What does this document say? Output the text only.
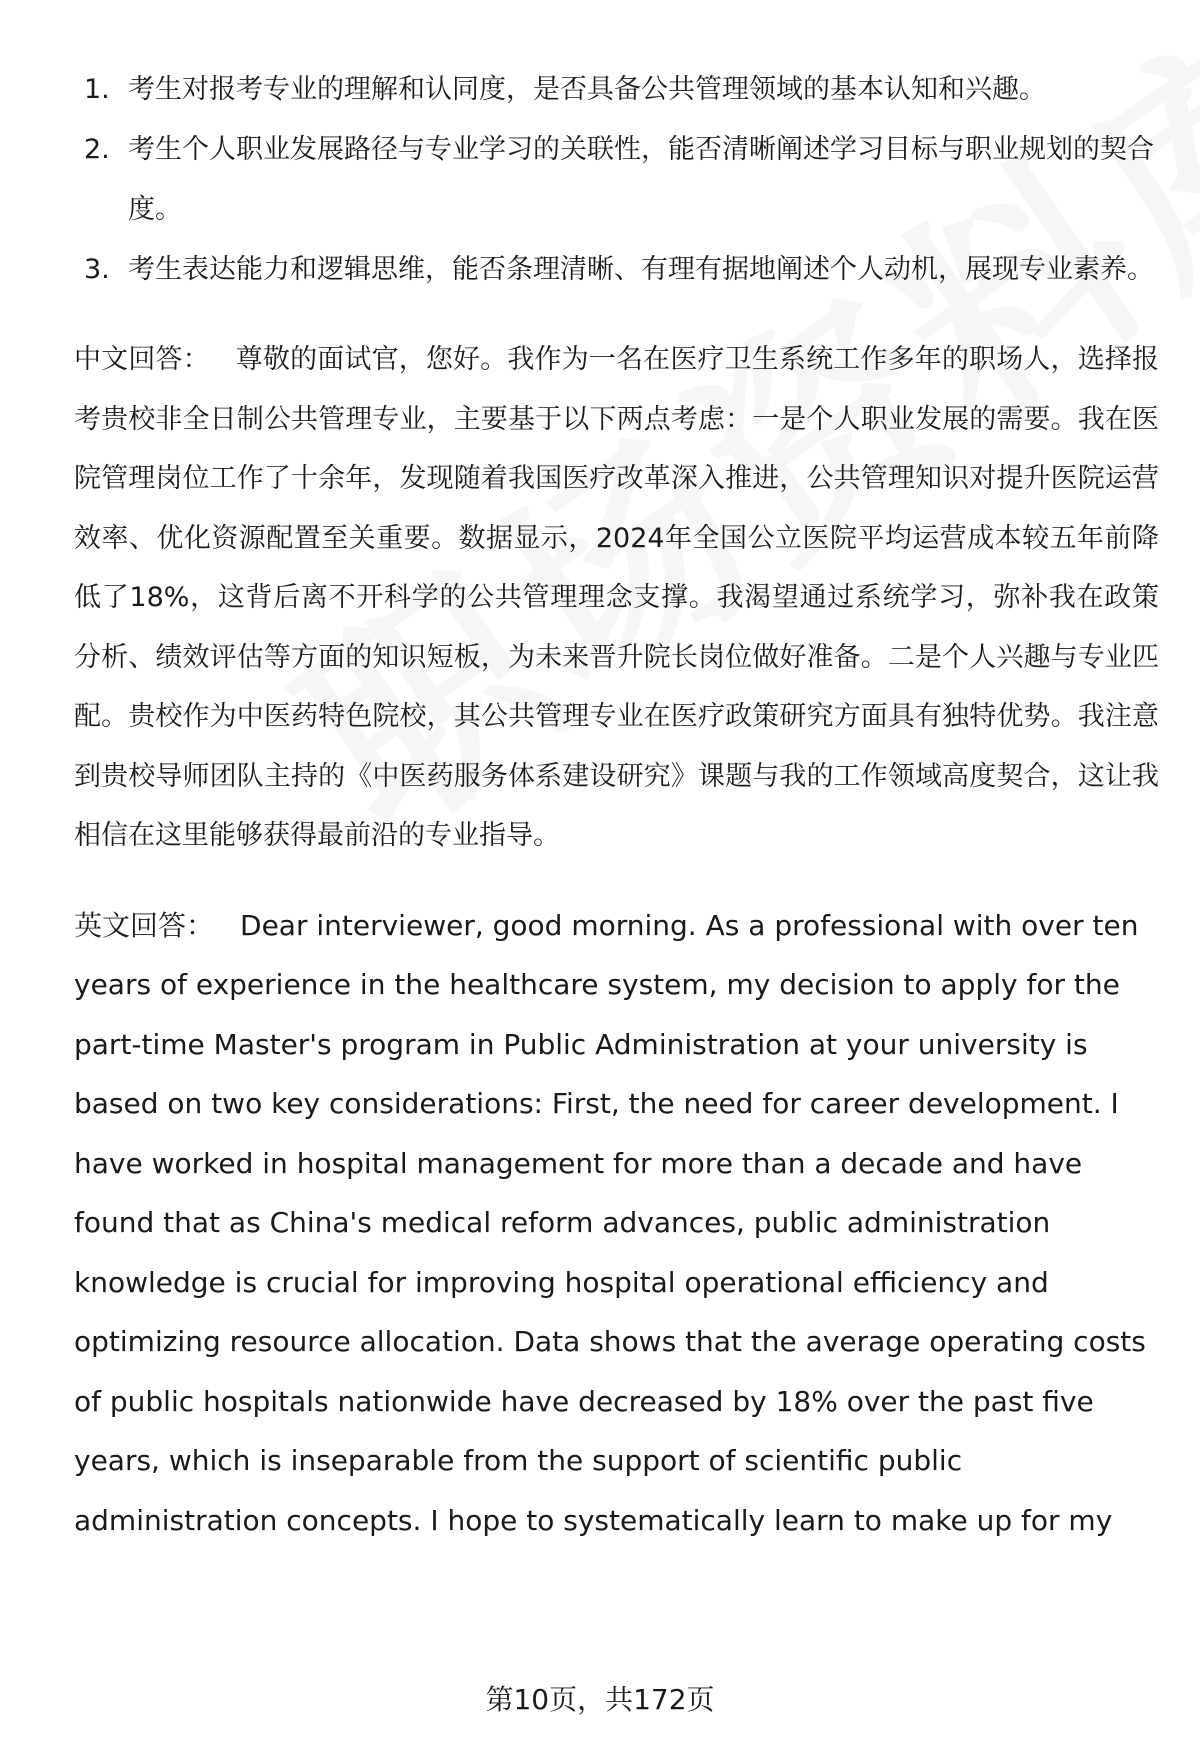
1. 考生对报考专业的理解和认同度，是否具备公共管理领域的基本认知和兴趣。
2. 考生个人职业发展路径与专业学习的关联性，能否清晰阐述学习目标与职业规划的契合度。
3. 考生表达能力和逻辑思维，能否条理清晰、有理有据地阐述个人动机，展现专业素养。

中文回答： 尊敬的面试官，您好。我作为一名在医疗卫生系统工作多年的职场人，选择报考贵校非全日制公共管理专业，主要基于以下两点考虑：一是个人职业发展的需要。我在医院管理岗位工作了十余年，发现随着我国医疗改革深入推进，公共管理知识对提升医院运营效率、优化资源配置至关重要。数据显示，2024年全国公立医院平均运营成本较五年前降低了18%，这背后离不开科学的公共管理理念支撑。我渴望通过系统学习，弥补我在政策分析、绩效评估等方面的知识短板，为未来晋升院长岗位做好准备。二是个人兴趣与专业匹配。贵校作为中医药特色院校，其公共管理专业在医疗政策研究方面具有独特优势。我注意到贵校导师团队主持的《中医药服务体系建设研究》课题与我的工作领域高度契合，这让我相信在这里能够获得最前沿的专业指导。

英文回答： Dear interviewer, good morning. As a professional with over ten years of experience in the healthcare system, my decision to apply for the part-time Master's program in Public Administration at your university is based on two key considerations: First, the need for career development. I have worked in hospital management for more than a decade and have found that as China's medical reform advances, public administration knowledge is crucial for improving hospital operational efficiency and optimizing resource allocation. Data shows that the average operating costs of public hospitals nationwide have decreased by 18% over the past five years, which is inseparable from the support of scientific public administration concepts. I hope to systematically learn to make up for my

第10页，共172页
